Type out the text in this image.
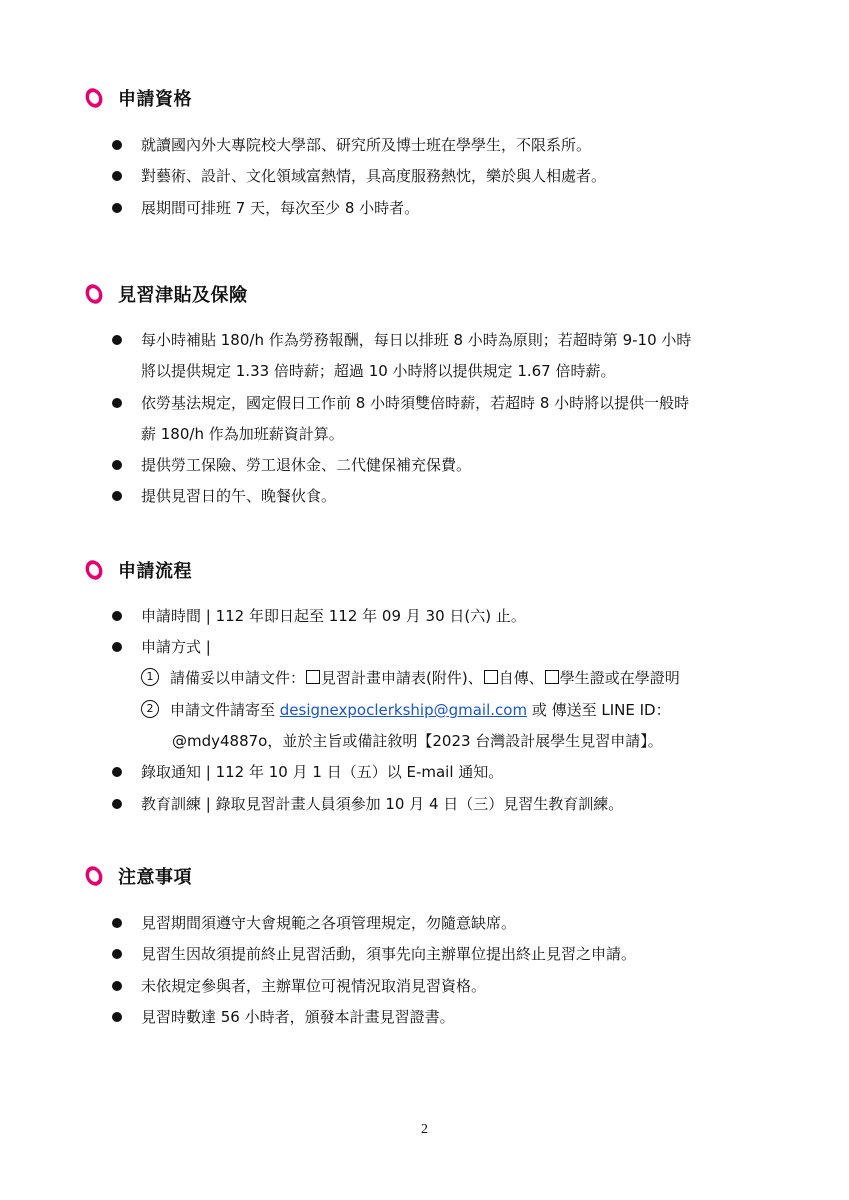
申請資格
就讀國內外大專院校大學部、研究所及博士班在學學生，不限系所。
對藝術、設計、文化領域富熱情，具高度服務熱忱，樂於與人相處者。
展期間可排班 7 天，每次至少 8 小時者。
見習津貼及保險
每小時補貼 180/h 作為勞務報酬，每日以排班 8 小時為原則；若超時第 9-10 小時
將以提供規定 1.33 倍時薪；超過 10 小時將以提供規定 1.67 倍時薪。
依勞基法規定，國定假日工作前 8 小時須雙倍時薪，若超時 8 小時將以提供一般時
薪 180/h 作為加班薪資計算。
提供勞工保險、勞工退休金、二代健保補充保費。
提供見習日的午、晚餐伙食。
申請流程
申請時間 | 112 年即日起至 112 年 09 月 30 日(六) 止。
申請方式 |
1	請備妥以申請文件： 見習計畫申請表(附件)、 自傳、 學生證或在學證明
2	申請文件請寄至 designexpoclerkship@gmail.com 或 傳送至 LINE ID：
@mdy4887o，並於主旨或備註敘明【2023 台灣設計展學生見習申請】。
錄取通知 | 112 年 10 月 1 日（五）以 E-mail 通知。
教育訓練 | 錄取見習計畫人員須參加 10 月 4 日（三）見習生教育訓練。
注意事項
見習期間須遵守大會規範之各項管理規定，勿隨意缺席。
見習生因故須提前終止見習活動，須事先向主辦單位提出終止見習之申請。
未依規定參與者，主辦單位可視情況取消見習資格。
見習時數達 56 小時者，頒發本計畫見習證書。
2
